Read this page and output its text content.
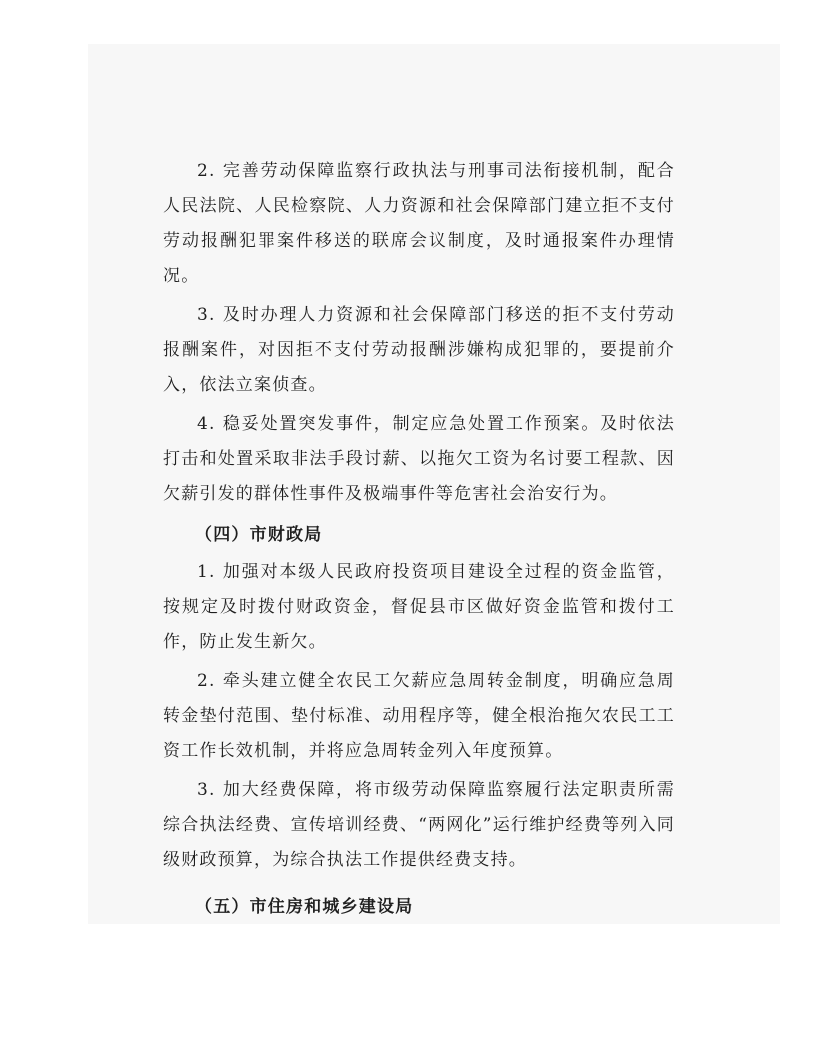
2. 完善劳动保障监察行政执法与刑事司法衔接机制，配合人民法院、人民检察院、人力资源和社会保障部门建立拒不支付劳动报酬犯罪案件移送的联席会议制度，及时通报案件办理情况。

3. 及时办理人力资源和社会保障部门移送的拒不支付劳动报酬案件，对因拒不支付劳动报酬涉嫌构成犯罪的，要提前介入，依法立案侦查。

4. 稳妥处置突发事件，制定应急处置工作预案。及时依法打击和处置采取非法手段讨薪、以拖欠工资为名讨要工程款、因欠薪引发的群体性事件及极端事件等危害社会治安行为。

（四）市财政局

1. 加强对本级人民政府投资项目建设全过程的资金监管，按规定及时拨付财政资金，督促县市区做好资金监管和拨付工作，防止发生新欠。

2. 牵头建立健全农民工欠薪应急周转金制度，明确应急周转金垫付范围、垫付标准、动用程序等，健全根治拖欠农民工工资工作长效机制，并将应急周转金列入年度预算。

3. 加大经费保障，将市级劳动保障监察履行法定职责所需综合执法经费、宣传培训经费、“两网化”运行维护经费等列入同级财政预算，为综合执法工作提供经费支持。

（五）市住房和城乡建设局
